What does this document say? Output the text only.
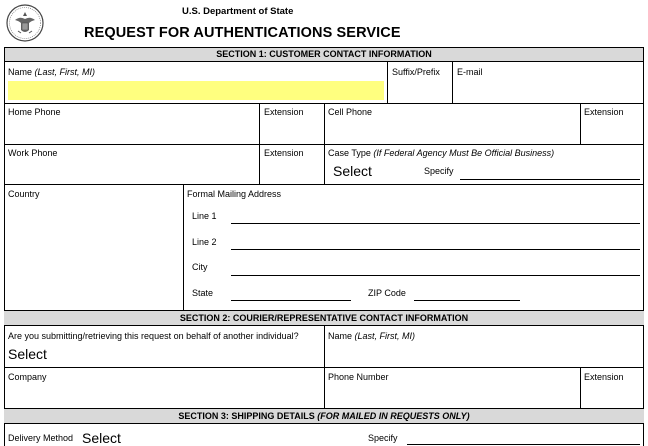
U.S. Department of State
REQUEST FOR AUTHENTICATIONS SERVICE
SECTION 1: CUSTOMER CONTACT INFORMATION
Name (Last, First, MI)	Suffix/Prefix E-mail
Home Phone	Extension	Cell Phone	Extension
Work Phone	Extension	Case Type (If Federal Agency Must Be Official Business)
Select	Specify
Country	Formal Mailing Address
Line 1
Line 2
City
State	ZIP Code
SECTION 2: COURIER/REPRESENTATIVE CONTACT INFORMATION
Are you submitting/retrieving this request on behalf of another individual?
Select
Name (Last, First, MI)
Company	Phone Number	Extension
SECTION 3: SHIPPING DETAILS (FOR MAILED IN REQUESTS ONLY)
Delivery Method Select	Specify
